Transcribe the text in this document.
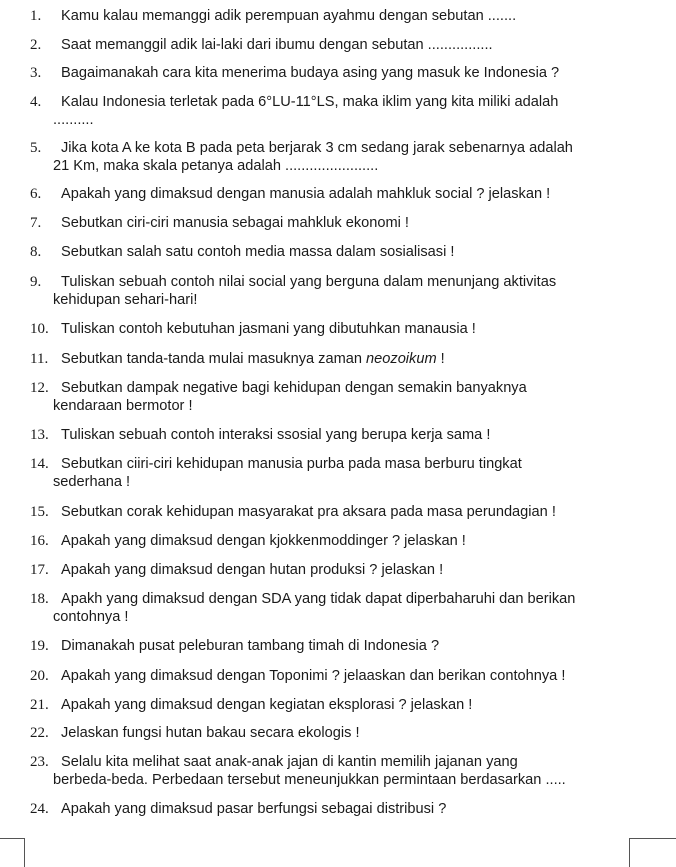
1.	Kamu kalau memanggi adik perempuan ayahmu dengan sebutan .......
2.	Saat memanggil adik lai-laki dari ibumu dengan sebutan ................
3.	Bagaimanakah cara kita menerima budaya asing yang masuk ke Indonesia ?
4.	Kalau Indonesia terletak pada 6°LU-11°LS, maka iklim yang kita miliki adalah
..........
5.	Jika kota A ke kota B pada peta berjarak 3 cm sedang jarak sebenarnya adalah
21 Km, maka skala petanya adalah .......................
6.	Apakah yang dimaksud dengan manusia adalah mahkluk social ? jelaskan !
7.	Sebutkan ciri-ciri manusia sebagai mahkluk ekonomi !
8.	Sebutkan salah satu contoh media massa dalam sosialisasi !
9.	Tuliskan sebuah contoh nilai social yang berguna dalam menunjang aktivitas
kehidupan sehari-hari!
10. Tuliskan contoh kebutuhan jasmani yang dibutuhkan manausia !
11. Sebutkan tanda-tanda mulai masuknya zaman neozoikum !
12. Sebutkan dampak negative bagi kehidupan dengan semakin banyaknya
kendaraan bermotor !
13. Tuliskan sebuah contoh interaksi ssosial yang berupa kerja sama !
14. Sebutkan ciiri-ciri kehidupan manusia purba pada masa berburu tingkat
sederhana !
15. Sebutkan corak kehidupan masyarakat pra aksara pada masa perundagian !
16. Apakah yang dimaksud dengan kjokkenmoddinger ? jelaskan !
17. Apakah yang dimaksud dengan hutan produksi ? jelaskan !
18. Apakh yang dimaksud dengan SDA yang tidak dapat diperbaharuhi dan berikan
contohnya !
19. Dimanakah pusat peleburan tambang timah di Indonesia ?
20. Apakah yang dimaksud dengan Toponimi ? jelaaskan dan berikan contohnya !
21. Apakah yang dimaksud dengan kegiatan eksplorasi ? jelaskan !
22. Jelaskan fungsi hutan bakau secara ekologis !
23. Selalu kita melihat saat anak-anak jajan di kantin memilih jajanan yang
berbeda-beda. Perbedaan tersebut meneunjukkan permintaan berdasarkan .....
24. Apakah yang dimaksud pasar berfungsi sebagai distribusi ?
